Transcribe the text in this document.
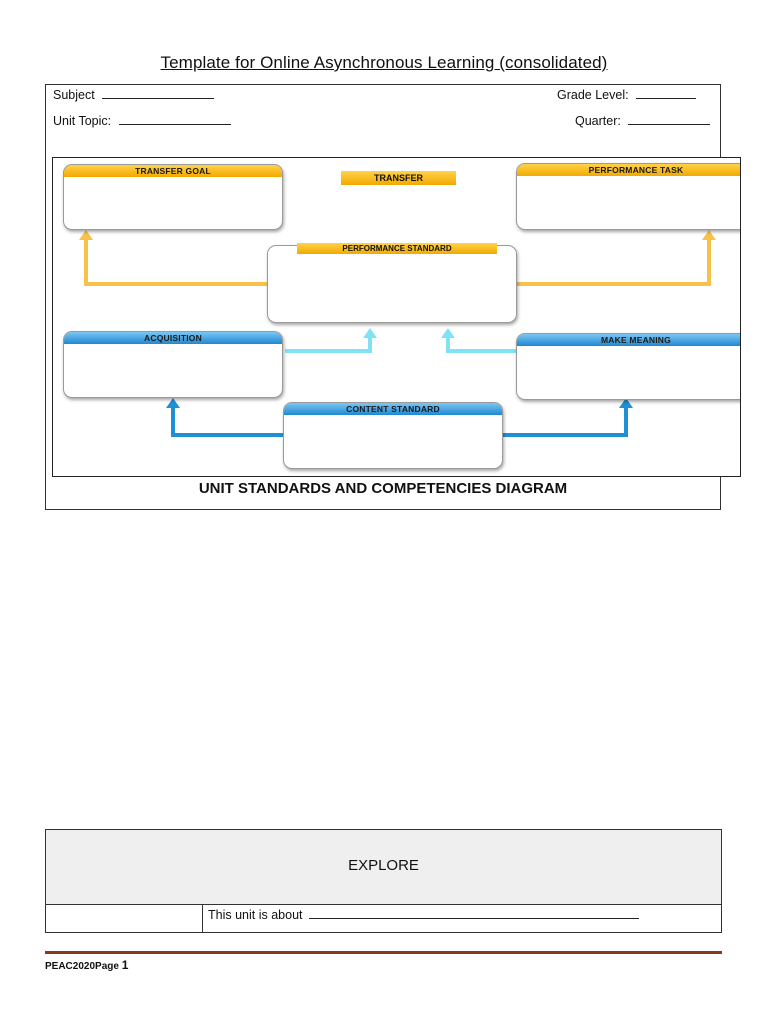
Template for Online Asynchronous Learning (consolidated)
Subject	Grade Level:
Unit Topic:	Quarter:
TRANSFER GOAL
TRANSFER
PERFORMANCE TASK
PERFORMANCE STANDARD
ACQUISITION	MAKE MEANING
CONTENT STANDARD
UNIT STANDARDS AND COMPETENCIES DIAGRAM
EXPLORE
This unit is about
PEAC2020Page 1
